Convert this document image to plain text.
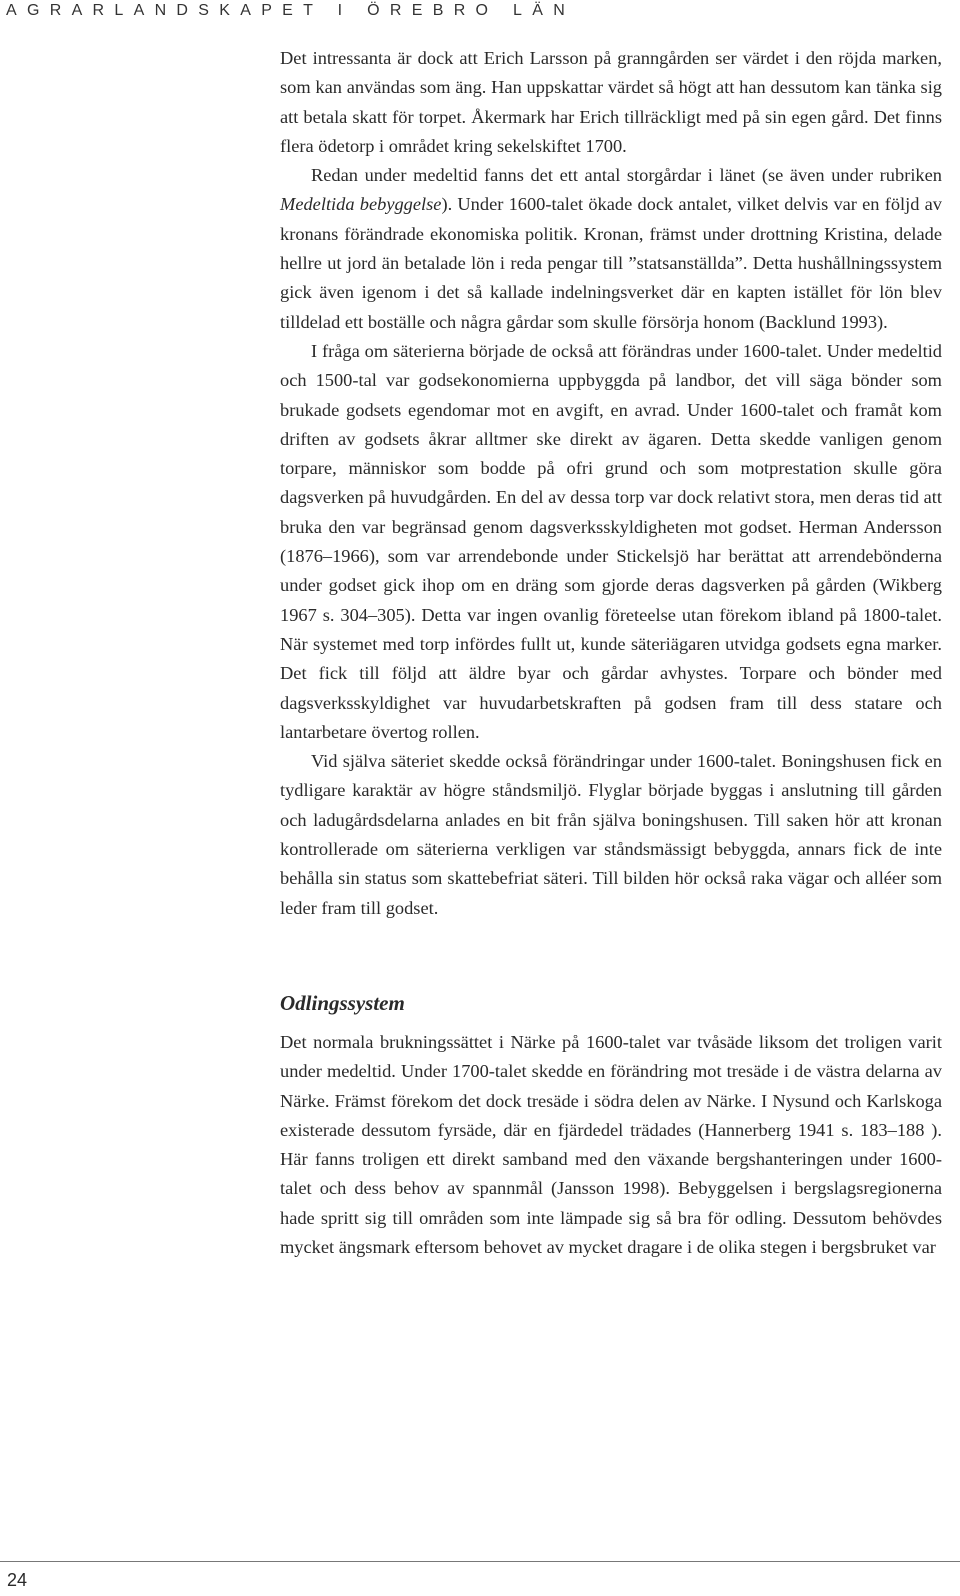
AGRARLANDSKAPET I ÖREBRO LÄN

Det intressanta är dock att Erich Larsson på granngården ser värdet i den röjda marken, som kan användas som äng. Han uppskattar värdet så högt att han dessutom kan tänka sig att betala skatt för torpet. Åkermark har Erich tillräckligt med på sin egen gård. Det finns flera ödetorp i området kring sekelskiftet 1700.

Redan under medeltid fanns det ett antal storgårdar i länet (se även under rubriken Medeltida bebyggelse). Under 1600-talet ökade dock antalet, vilket delvis var en följd av kronans förändrade ekonomiska politik. Kronan, främst under drottning Kristina, delade hellre ut jord än betalade lön i reda pengar till ”statsanställda”. Detta hushållningssystem gick även igenom i det så kallade indelningsverket där en kapten istället för lön blev tilldelad ett boställe och några gårdar som skulle försörja honom (Backlund 1993).

I fråga om säterierna började de också att förändras under 1600-talet. Under medeltid och 1500-tal var godsekonomierna uppbyggda på landbor, det vill säga bönder som brukade godsets egendomar mot en avgift, en avrad. Under 1600-talet och framåt kom driften av godsets åkrar alltmer ske direkt av ägaren. Detta skedde vanligen genom torpare, människor som bodde på ofri grund och som motprestation skulle göra dagsverken på huvudgården. En del av dessa torp var dock relativt stora, men deras tid att bruka den var begränsad genom dagsverksskyldigheten mot godset. Herman Andersson (1876–1966), som var arrendebonde under Stickelsjö har berättat att arrendebönderna under godset gick ihop om en dräng som gjorde deras dagsverken på gården (Wikberg 1967 s. 304–305). Detta var ingen ovanlig företeelse utan förekom ibland på 1800-talet. När systemet med torp infördes fullt ut, kunde säteriägaren utvidga godsets egna marker. Det fick till följd att äldre byar och gårdar avhystes. Torpare och bönder med dagsverksskyldighet var huvudarbetskraften på godsen fram till dess statare och lantarbetare övertog rollen.

Vid själva säteriet skedde också förändringar under 1600-talet. Boningshusen fick en tydligare karaktär av högre ståndsmiljö. Flyglar började byggas i anslutning till gården och ladugårdsdelarna anlades en bit från själva boningshusen. Till saken hör att kronan kontrollerade om säterierna verkligen var ståndsmässigt bebyggda, annars fick de inte behålla sin status som skattebefriat säteri. Till bilden hör också raka vägar och alléer som leder fram till godset.

Odlingssystem

Det normala brukningssättet i Närke på 1600-talet var tvåsäde liksom det troligen varit under medeltid. Under 1700-talet skedde en förändring mot tresäde i de västra delarna av Närke. Främst förekom det dock tresäde i södra delen av Närke. I Nysund och Karlskoga existerade dessutom fyrsäde, där en fjärdedel trädades (Hannerberg 1941 s. 183–188 ). Här fanns troligen ett direkt samband med den växande bergshanteringen under 1600-talet och dess behov av spannmål (Jansson 1998). Bebyggelsen i bergslagsregionerna hade spritt sig till områden som inte lämpade sig så bra för odling. Dessutom behövdes mycket ängsmark eftersom behovet av mycket dragare i de olika stegen i bergsbruket var

24
